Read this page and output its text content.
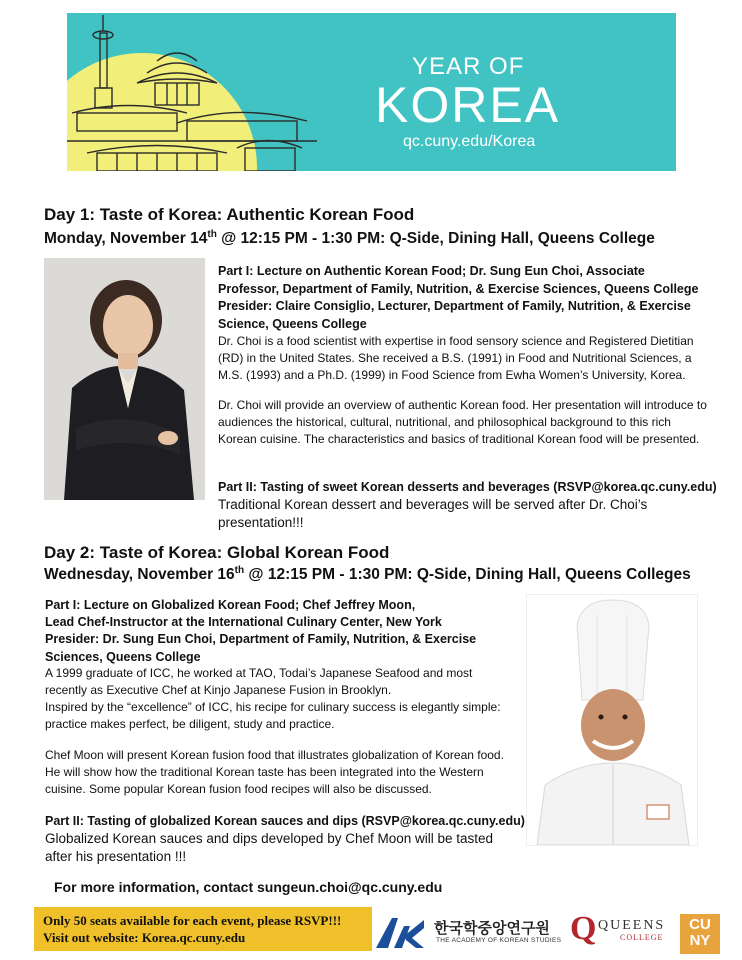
YEAR OF
KOREA
qc.cuny.edu/Korea
Day 1: Taste of Korea: Authentic Korean Food
Monday, November 14th @ 12:15 PM - 1:30 PM: Q-Side, Dining Hall, Queens College
Part I: Lecture on Authentic Korean Food; Dr. Sung Eun Choi, Associate Professor, Department of Family, Nutrition, & Exercise Sciences, Queens College
Presider: Claire Consiglio, Lecturer, Department of Family, Nutrition, & Exercise Science, Queens College
Dr. Choi is a food scientist with expertise in food sensory science and Registered Dietitian (RD) in the United States. She received a B.S. (1991) in Food and Nutritional Sciences, a M.S. (1993) and a Ph.D. (1999) in Food Science from Ewha Women’s University, Korea.
Dr. Choi will provide an overview of authentic Korean food. Her presentation will introduce to audiences the historical, cultural, nutritional, and philosophical background to this rich Korean cuisine. The characteristics and basics of traditional Korean food will be presented.
Part II: Tasting of sweet Korean desserts and beverages (RSVP@korea.qc.cuny.edu)
Traditional Korean dessert and beverages will be served after Dr. Choi’s presentation!!!
Day 2: Taste of Korea: Global Korean Food
Wednesday, November 16th @ 12:15 PM - 1:30 PM: Q-Side, Dining Hall, Queens Colleges
Part I: Lecture on Globalized Korean Food; Chef Jeffrey Moon,
Lead Chef-Instructor at the International Culinary Center, New York
Presider: Dr. Sung Eun Choi, Department of Family, Nutrition, & Exercise Sciences, Queens College
A 1999 graduate of ICC, he worked at TAO, Todai’s Japanese Seafood and most recently as Executive Chef at Kinjo Japanese Fusion in Brooklyn.
Inspired by the “excellence” of ICC, his recipe for culinary success is elegantly simple: practice makes perfect, be diligent, study and practice.
Chef Moon will present Korean fusion food that illustrates globalization of Korean food. He will show how the traditional Korean taste has been integrated into the Western cuisine. Some popular Korean fusion food recipes will also be discussed.
Part II: Tasting of globalized Korean sauces and dips (RSVP@korea.qc.cuny.edu)
Globalized Korean sauces and dips developed by Chef Moon will be tasted after his presentation !!!
For more information, contact sungeun.choi@qc.cuny.edu
Only 50 seats available for each event, please RSVP!!!
Visit out website: Korea.qc.cuny.edu
한국학중앙연구원
THE ACADEMY OF KOREAN STUDIES Q QUEENS
COLLEGE
CU
NY
